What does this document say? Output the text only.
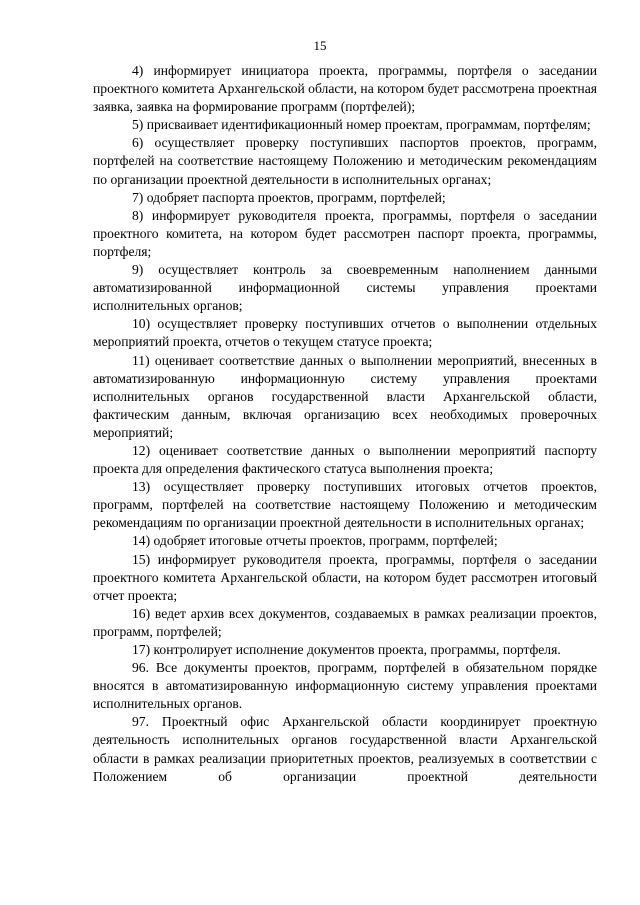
15

4) информирует инициатора проекта, программы, портфеля о заседании проектного комитета Архангельской области, на котором будет рассмотрена проектная заявка, заявка на формирование программ (портфелей);

5) присваивает идентификационный номер проектам, программам, портфелям;

6) осуществляет проверку поступивших паспортов проектов, программ, портфелей на соответствие настоящему Положению и методическим рекомендациям по организации проектной деятельности в исполнительных органах;

7) одобряет паспорта проектов, программ, портфелей;

8) информирует руководителя проекта, программы, портфеля о заседании проектного комитета, на котором будет рассмотрен паспорт проекта, программы, портфеля;

9) осуществляет контроль за своевременным наполнением данными автоматизированной информационной системы управления проектами исполнительных органов;

10) осуществляет проверку поступивших отчетов о выполнении отдельных мероприятий проекта, отчетов о текущем статусе проекта;

11) оценивает соответствие данных о выполнении мероприятий, внесенных в автоматизированную информационную систему управления проектами исполнительных органов государственной власти Архангельской области, фактическим данным, включая организацию всех необходимых проверочных мероприятий;

12) оценивает соответствие данных о выполнении мероприятий паспорту проекта для определения фактического статуса выполнения проекта;

13) осуществляет проверку поступивших итоговых отчетов проектов, программ, портфелей на соответствие настоящему Положению и методическим рекомендациям по организации проектной деятельности в исполнительных органах;

14) одобряет итоговые отчеты проектов, программ, портфелей;

15) информирует руководителя проекта, программы, портфеля о заседании проектного комитета Архангельской области, на котором будет рассмотрен итоговый отчет проекта;

16) ведет архив всех документов, создаваемых в рамках реализации проектов, программ, портфелей;

17) контролирует исполнение документов проекта, программы, портфеля.

96. Все документы проектов, программ, портфелей в обязательном порядке вносятся в автоматизированную информационную систему управления проектами исполнительных органов.

97. Проектный офис Архангельской области координирует проектную деятельность исполнительных органов государственной власти Архангельской области в рамках реализации приоритетных проектов, реализуемых в соответствии с Положением об организации проектной деятельности
